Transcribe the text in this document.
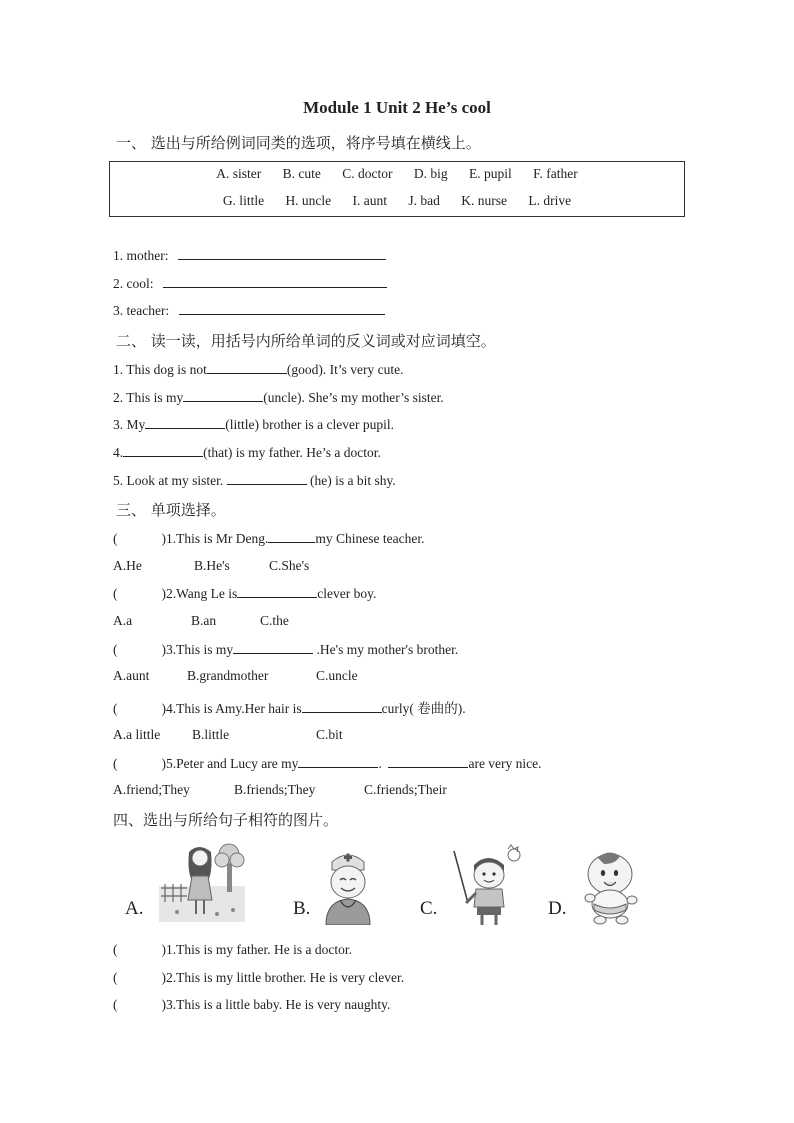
Module 1 Unit 2 He’s cool
一、 选出与所给例词同类的选项，将序号填在横线上。
A. sister B. cute C. doctor D. big E. pupil F. father
G. little H. uncle I. aunt J. bad K. nurse L. drive
1. mother:
2. cool:
3. teacher:
二、 读一读，用括号内所给单词的反义词或对应词填空。
1. This dog is not	(good). It’s very cute.
2. This is my	(uncle). She’s my mother’s sister.
3. My	(little) brother is a clever pupil.
4.	(that) is my father. He’s a doctor.
5. Look at my sister.	(he) is a bit shy.
三、 单项选择。
(	)1.This is Mr Deng.	my Chinese teacher.
A.He	B.He's	C.She's
(	)2.Wang Le is	clever boy.
A.a	B.an	C.the
(	)3.This is my	.He's my mother's brother.
A.aunt	B.grandmother	C.uncle
(	)4.This is Amy.Her hair is	curly( 卷曲的).
A.a little B.little	C.bit
(	)5.Peter and Lucy are my	.	are very nice.
A.friend;They	B.friends;They	C.friends;Their
四、选出与所给句子相符的图片。
A.	B.	C.	D.
(	)1.This is my father. He is a doctor.
(	)2.This is my little brother. He is very clever.
(	)3.This is a little baby. He is very naughty.
